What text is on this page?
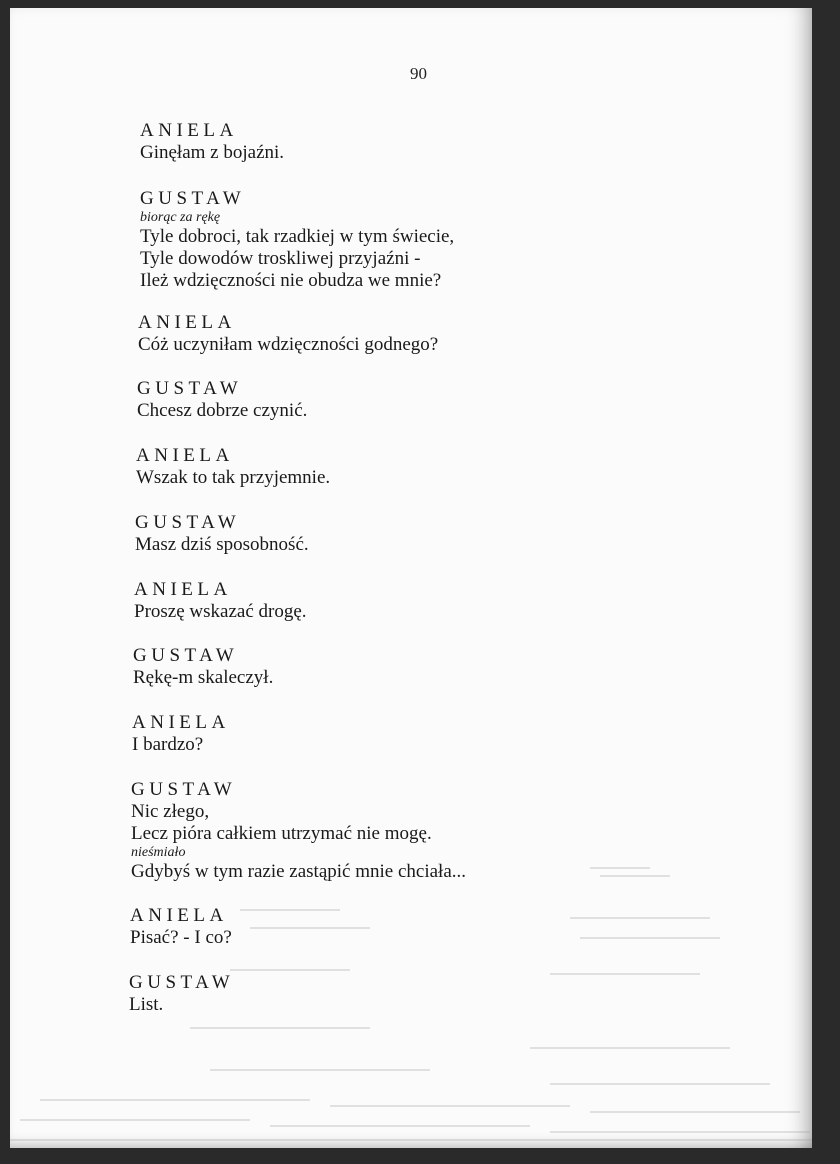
90
ANIELA
Ginęłam z bojaźni.
GUSTAW
biorąc za rękę
Tyle dobroci, tak rzadkiej w tym świecie,
Tyle dowodów troskliwej przyjaźni -
Ileż wdzięczności nie obudza we mnie?
ANIELA
Cóż uczyniłam wdzięczności godnego?
GUSTAW
Chcesz dobrze czynić.
ANIELA
Wszak to tak przyjemnie.
GUSTAW
Masz dziś sposobność.
ANIELA
Proszę wskazać drogę.
GUSTAW
Rękę-m skaleczył.
ANIELA
I bardzo?
GUSTAW
Nic złego,
Lecz pióra całkiem utrzymać nie mogę.
nieśmiało
Gdybyś w tym razie zastąpić mnie chciała...
ANIELA
Pisać? - I co?
GUSTAW
List.
